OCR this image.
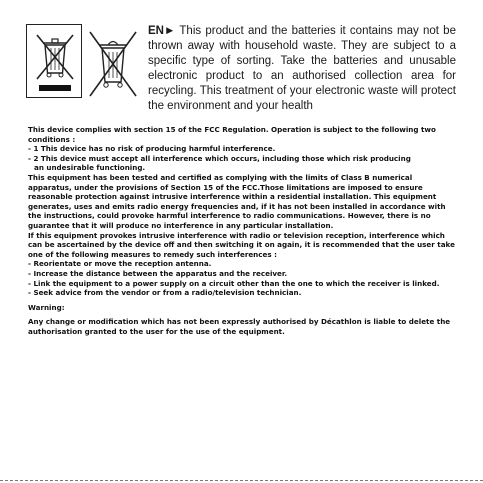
EN► This product and the batteries it contains may not be thrown away with household waste. They are subject to a specific type of sorting. Take the batteries and unusable electronic product to an authorised collection area for recycling. This treatment of your electronic waste will protect the environment and your health

This device complies with section 15 of the FCC Regulation. Operation is subject to the following two conditions :

- 1 This device has no risk of producing harmful interference.

- 2 This device must accept all interference which occurs, including those which risk producing

an undesirable functioning.

This equipment has been tested and certified as complying with the limits of Class B numerical apparatus, under the provisions of Section 15 of the FCC.Those limitations are imposed to ensure reasonable protection against intrusive interference within a residential installation. This equipment generates, uses and emits radio energy frequencies and, if it has not been installed in accordance with the instructions, could provoke harmful interference to radio communications. However, there is no guarantee that it will produce no interference in any particular installation.

If this equipment provokes intrusive interference with radio or television reception, interference which can be ascertained by the device off and then switching it on again, it is recommended that the user take one of the following measures to remedy such interferences :

- Reorientate or move the reception antenna.

- Increase the distance between the apparatus and the receiver.

- Link the equipment to a power supply on a circuit other than the one to which the receiver is linked.

- Seek advice from the vendor or from a radio/television technician.

Warning:

Any change or modification which has not been expressly authorised by Décathlon is liable to delete the authorisation granted to the user for the use of the equipment.
